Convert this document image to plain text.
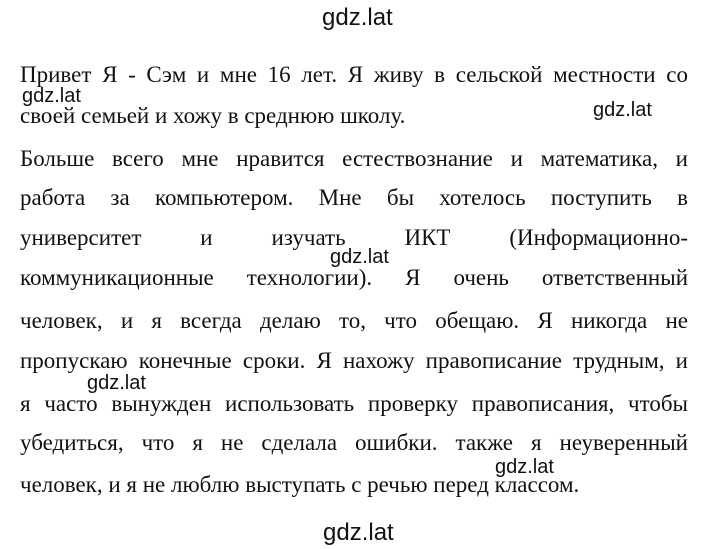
gdz.lat
gdz.lat
gdz.lat
gdz.lat
gdz.lat
gdz.lat
gdz.lat
Привет Я - Сэм и мне 16 лет. Я живу в сельской местности со
своей семьей и хожу в среднюю школу.
Больше всего мне нравится естествознание и математика, и
работа за компьютером. Мне бы хотелось поступить в
университет и изучать ИКТ (Информационно-
коммуникационные технологии). Я очень ответственный
человек, и я всегда делаю то, что обещаю. Я никогда не
пропускаю конечные сроки. Я нахожу правописание трудным, и
я часто вынужден использовать проверку правописания, чтобы
убедиться, что я не сделала ошибки. также я неуверенный
человек, и я не люблю выступать с речью перед классом.
